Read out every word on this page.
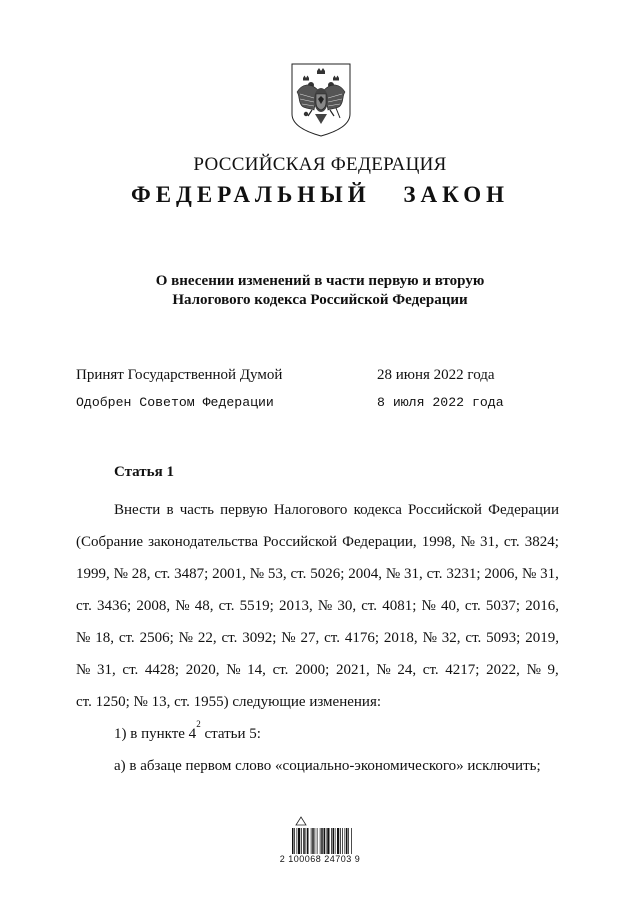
РОССИЙСКАЯ ФЕДЕРАЦИЯ
ФЕДЕРАЛЬНЫЙ ЗАКОН
О внесении изменений в части первую и вторую
Налогового кодекса Российской Федерации
Принят Государственной Думой	28 июня 2022 года
Одобрен Советом Федерации	8 июля 2022 года
Статья 1
Внести в часть первую Налогового кодекса Российской Федерации
(Собрание законодательства Российской Федерации, 1998, № 31, ст. 3824;
1999, № 28, ст. 3487; 2001, № 53, ст. 5026; 2004, № 31, ст. 3231; 2006, № 31,
ст. 3436; 2008, № 48, ст. 5519; 2013, № 30, ст. 4081; № 40, ст. 5037; 2016,
№ 18, ст. 2506; № 22, ст. 3092; № 27, ст. 4176; 2018, № 32, ст. 5093; 2019,
№ 31, ст. 4428; 2020, № 14, ст. 2000; 2021, № 24, ст. 4217; 2022, № 9,
ст. 1250; № 13, ст. 1955) следующие изменения:
1) в пункте 4
2
статьи 5:
а) в абзаце первом слово «социально-экономического» исключить;
2 100068 24703 9
